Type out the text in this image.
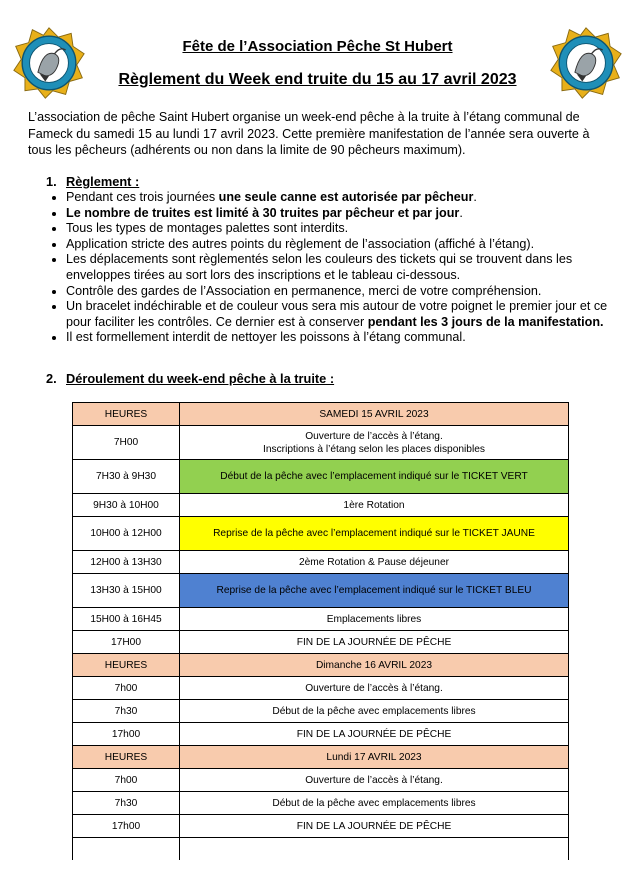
Fête de l’Association Pêche St Hubert
Règlement du Week end truite du 15 au 17 avril 2023
L’association de pêche Saint Hubert organise un week-end pêche à la truite à l’étang communal de Fameck du samedi 15 au lundi 17 avril 2023. Cette première manifestation de l’année sera ouverte à tous les pêcheurs (adhérents ou non dans la limite de 90 pêcheurs maximum).
1. Règlement :
• Pendant ces trois journées une seule canne est autorisée par pêcheur.
• Le nombre de truites est limité à 30 truites par pêcheur et par jour.
• Tous les types de montages palettes sont interdits.
• Application stricte des autres points du règlement de l’association (affiché à l’étang).
• Les déplacements sont règlementés selon les couleurs des tickets qui se trouvent dans les enveloppes tirées au sort lors des inscriptions et le tableau ci-dessous.
• Contrôle des gardes de l’Association en permanence, merci de votre compréhension.
• Un bracelet indéchirable et de couleur vous sera mis autour de votre poignet le premier jour et ce pour faciliter les contrôles. Ce dernier est à conserver pendant les 3 jours de la manifestation.
• Il est formellement interdit de nettoyer les poissons à l’étang communal.
2. Déroulement du week-end pêche à la truite :
HEURES	SAMEDI 15 AVRIL 2023
7H00	Ouverture de l’accès à l’étang.
Inscriptions à l’étang selon les places disponibles
7H30 à 9H30	Début de la pêche avec l’emplacement indiqué sur le TICKET VERT
9H30 à 10H00	1ère Rotation
10H00 à 12H00	Reprise de la pêche avec l’emplacement indiqué sur le TICKET JAUNE
12H00 à 13H30	2ème Rotation & Pause déjeuner
13H30 à 15H00	Reprise de la pêche avec l’emplacement indiqué sur le TICKET BLEU
15H00 à 16H45	Emplacements libres
17H00	FIN DE LA JOURNÉE DE PÊCHE
HEURES	Dimanche 16 AVRIL 2023
7h00	Ouverture de l’accès à l’étang.
7h30	Début de la pêche avec emplacements libres
17h00	FIN DE LA JOURNÉE DE PÊCHE
HEURES	Lundi 17 AVRIL 2023
7h00	Ouverture de l’accès à l’étang.
7h30	Début de la pêche avec emplacements libres
17h00	FIN DE LA JOURNÉE DE PÊCHE
